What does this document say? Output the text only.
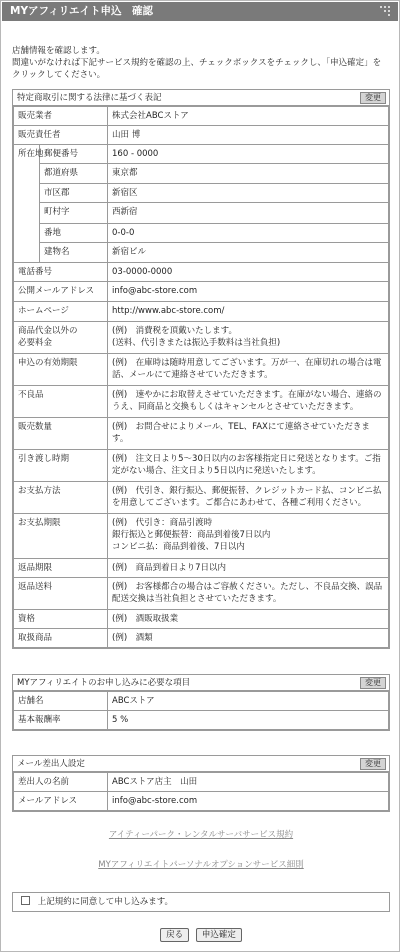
MYアフィリエイト申込　確認
店舗情報を確認します。
間違いがなければ下記サービス規約を確認の上、チェックボックスをチェックし、「申込確定」を
クリックしてください。
特定商取引に関する法律に基づく表記	変更
販売業者		株式会社ABCストア
販売責任者		山田 博
所在地	郵便番号	160 - 0000
	都道府県	東京都
	市区郡	新宿区
	町村字	西新宿
	番地	0-0-0
	建物名	新宿ビル
電話番号		03-0000-0000
公開メールアドレス		info@abc-store.com
ホームページ		http://www.abc-store.com/
商品代金以外の
必要料金		(例)　消費税を頂戴いたします。
(送料、代引きまたは振込手数料は当社負担)
申込の有効期限		(例)　在庫時は随時用意してございます。万が一、在庫切れの場合は電話、メールにて連絡させていただきます。
不良品		(例)　速やかにお取替えさせていただきます。在庫がない場合、連絡のうえ、同商品と交換もしくはキャンセルとさせていただきます。
販売数量		(例)　お問合せによりメール、TEL、FAXにて連絡させていただきます。
引き渡し時期		(例)　注文日より5～30日以内のお客様指定日に発送となります。ご指定がない場合、注文日より5日以内に発送いたします。
お支払方法		(例)　代引き、銀行振込、郵便振替、クレジットカード払、コンビニ払を用意してございます。ご都合にあわせて、各種ご利用ください。
お支払期限		(例)　代引き：商品引渡時
銀行振込と郵便振替：商品到着後7日以内
コンビニ払：商品到着後、7日以内
返品期限		(例)　商品到着日より7日以内
返品送料		(例)　お客様都合の場合はご容赦ください。ただし、不良品交換、誤品配送交換は当社負担とさせていただきます。
資格		(例)　酒販取扱業
取扱商品		(例)　酒類
MYアフィリエイトのお申し込みに必要な項目	変更
店舗名	ABCストア
基本報酬率	5 %
メール差出人設定	変更
差出人の名前	ABCストア店主　山田
メールアドレス	info@abc-store.com
アイティーパーク・レンタルサーバサービス規約
MYアフィリエイトパーソナルオプションサービス細則
上記規約に同意して申し込みます。
戻る 申込確定
